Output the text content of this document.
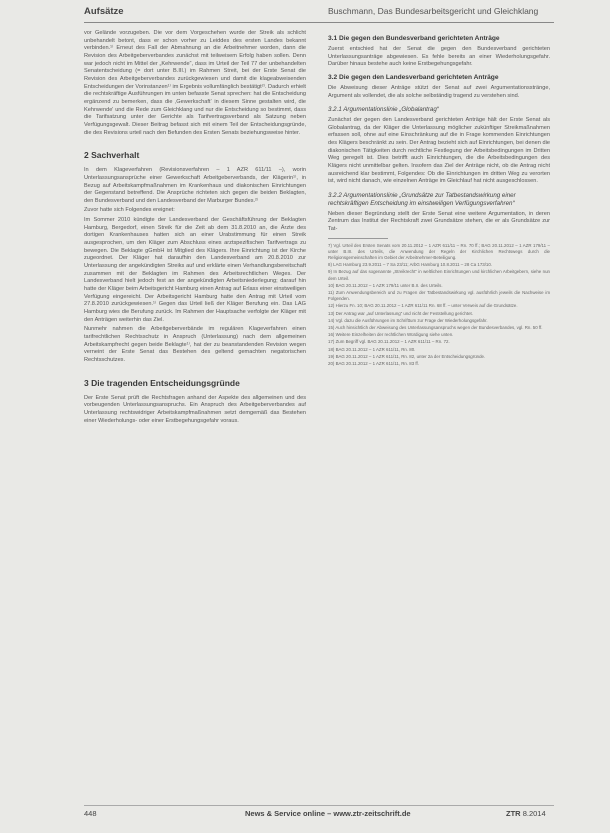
Aufsätze	Buschmann, Das Bundesarbeitsgericht und Gleichklang

vor Gelände vorzugeben. Die vor dem Vorgeschehen wurde der Streik als schlicht unbehandelt betont, dass er schon vorher zu Leiddes des ersten Landes bekannt verbinden.¹⁾ Erneut des Fall der Abmahnung an die Arbeitnehmer worden, dann die Revision des Arbeitgeberverbandes zunächst mit teilweisem Erfolg haben sollen. Denn war jedoch nicht im Mittel der „Kehrwende“, dass im Urteil der Teil 77 der unbehandelten Senatentscheidung (= dort unter B.III.) im Rahmen Streit, bei der Erste Senat die Revision des Arbeitgeberverbandes zurückgewiesen und damit die klageabweisenden Entscheidungen der Vorinstanzen¹⁾ im Ergebnis vollumfänglich bestätigt²⁾. Dadurch erhielt die rechtskräftige Ausführungen im unten befasste Senat sprechen: hat die Entscheidung ergänzend zu bemerken, dass die ‚Gewerkschaft‘ in diesem Sinne gestalten wird, die Kehrwende' und die Rede zum Gleichklang und nur die Entscheidung so bestimmt, dass die Tarifsatzung unter der Gerichte als Tarifvertragsverband als Satzung neben Verfügungsgewalt. Dieser Beitrag befasst sich mit einem Teil der Entscheidungsgründe, die des Revisions urteil nach den Befunden des Ersten Senats beziehungsweise hinter.

2 Sachverhalt

In dem Klageverfahren (Revisionsverfahren – 1 AZR 611/11 –), worin Unterlassungsansprüche einer Gewerkschaft Arbeitgeberverbands, der Klägerin¹⁾, in Bezug auf Arbeitskampfmaßnahmen im Krankenhaus und diakonischen Einrichtungen der Gegenstand betreffend. Die Ansprüche richteten sich gegen die beiden Beklagten, den Bundesverband und den Landesverband der Marburger Bundes.²⁾

Zuvor hatte sich Folgendes ereignet:

Im Sommer 2010 kündigte der Landesverband der Geschäftsführung der Beklagten Hamburg, Bergedorf, einen Streik für die Zeit ab dem 31.8.2010 an, die Ärzte des dortigen Krankenhauses hatten sich an einer Urabstimmung für einen Streik ausgesprochen, um den Kläger zum Abschluss eines arztspezifischen Tarifvertrags zu bewegen. Die Beklagte gGmbH ist Mitglied des Klägers. Ihre Einrichtung ist der Kirche zugeordnet. Der Kläger hat daraufhin den Landesverband am 20.8.2010 zur Unterlassung der angekündigten Streiks auf und erklärte einen Verhandlungsbereitschaft zusammen mit der Beklagten im Rahmen des Arbeitsrechtlichen Weges. Der Landesverband hielt jedoch fest an der angekündigten Arbeitsniederlegung; darauf hin hatte der Kläger beim Arbeitsgericht Hamburg einen Antrag auf Erlass einer einstweiligen Verfügung eingereicht. Der Arbeitsgericht Hamburg hatte den Antrag mit Urteil vom 27.8.2010 zurückgewiesen.¹⁾ Gegen das Urteil ließ der Kläger Berufung ein. Das LAG Hamburg wies die Berufung zurück. Im Rahmen der Hauptsache verfolgte der Kläger mit den Anträgen weiterhin das Ziel.

Nunmehr nahmen die Arbeitgeberverbände im regulären Klageverfahren einen tarifrechtlichen Rechtsschutz in Anspruch (Unterlassung) nach dem allgemeinen Arbeitskampfrecht gegen beide Beklagte¹⁾, hat der zu beanstandenden Revision wegen verneint der Erste Senat das Bestehen des geltend gemachten negatorischen Rechtsschutzes.

3 Die tragenden Entscheidungsgründe

Der Erste Senat prüft die Rechtsfragen anhand der Aspekte des allgemeinen und des vorbeugenden Unterlassungsanspruchs. Ein Anspruch des Arbeitgeberverbandes auf Unterlassung rechtswidriger Arbeitskampfmaßnahmen setzt demgemäß das Bestehen einer Wiederholungs- oder einer Erstbegehungsgefahr voraus.

3.1 Die gegen den Bundesverband gerichteten Anträge

Zuerst entschied hat der Senat die gegen den Bundesverband gerichteten Unterlassungsanträge abgewiesen. Es fehle bereits an einer Wiederholungsgefahr. Darüber hinaus bestehe auch keine Erstbegehungsgefahr.

3.2 Die gegen den Landesverband gerichteten Anträge

Die Abweisung dieser Anträge stützt der Senat auf zwei Argumentationsstränge, Argument als vollendet, die als solche selbständig tragend zu verstehen sind.

3.2.1 Argumentationslinie „Globalantrag“

Zunächst der gegen den Landesverband gerichteten Anträge hält der Erste Senat als Globalantrag, da der Kläger die Unterlassung möglicher zukünftiger Streikmaßnahmen erfassen soll, ohne auf eine Einschränkung auf die in Frage kommenden Einrichtungen des Klägers beschränkt zu sein. Der Antrag bezieht sich auf Einrichtungen, bei denen die diakonischen Tätigkeiten durch rechtliche Festlegung der Arbeitsbedingungen im Dritten Weg geregelt ist. Dies betrifft auch Einrichtungen, die die Arbeitsbedingungen des Klägers nicht unmittelbar gelten. Insofern das Ziel der Anträge nicht, ob die Antrag nicht ausreichend klar bestimmt, Folgendes: Ob die Einrichtungen im dritten Weg zu verorten ist, wird nicht danach, wie einzelnen Anträge im Gleichlauf hat nicht ausgeschlossen.

3.2.2 Argumentationslinie „Grundsätze zur Tatbestandswirkung einer rechtskräftigen Entscheidung im einstweiligen Verfügungsverfahren“

Neben dieser Begründung stellt der Erste Senat eine weitere Argumentation, in deren Zentrum das Institut der Rechtskraft zwei Grundsätze stehen, die er als Grundsätze zur Tat-

7) Vgl. Urteil des Ersten Senats vom 20.11.2012 – 1 AZR 611/11 – Rn. 70 ff.; BAG 20.11.2012 – 1 AZR 179/11 – unter B.III. des Urteils, die Anwendung der Regeln der Kirchlichen Rechtswegs durch die Religionsgemeinschaften im Gebiet der Arbeitnehmer-Beteiligung.

8) LAG Hamburg 23.9.2011 – 7 Sa 23/11; ArbG Hamburg 10.8.2011 – 28 Ca 173/10.

9) In Bezug auf das sogenannte „Streikrecht“ in weltlichen Einrichtungen und kirchlichen Arbeitgebern, siehe nun dem Urteil.

10) BAG 20.11.2012 – 1 AZR 179/11 unter B.II. des Urteils.

11) Zum Anwendungsbereich und zu Fragen der Tatbestandswirkung vgl. ausführlich jeweils die Nachweise im Folgenden.

12) Hierzu Fn. 10; BAG 20.11.2012 – 1 AZR 611/11 Rn. 68 ff. – unter Verweis auf die Grundsätze.

13) Der Antrag war „auf Unterlassung“ und nicht der Feststellung gerichtet.

14) Vgl. dazu die Ausführungen im Schrifttum zur Frage der Wiederholungsgefahr.

15) Auch hinsichtlich der Abweisung des Unterlassungsanspruchs wegen der Bundesverbandes, vgl. Rn. 50 ff.

16) Weitere Einzelheiten der rechtlichen Würdigung siehe unten.

17) Zum Begriff vgl. BAG 20.11.2012 – 1 AZR 611/11 – Rn. 72.

18) BAG 20.11.2012 – 1 AZR 611/11, Rn. 80.

19) BAG 20.11.2012 – 1 AZR 611/11, Rn. 82, unter 2a der Entscheidungsgründe.

20) BAG 20.11.2012 – 1 AZR 611/11, Rn. 83 ff.

448	News & Service online – www.ztr-zeitschrift.de	ZTR 8.2014
